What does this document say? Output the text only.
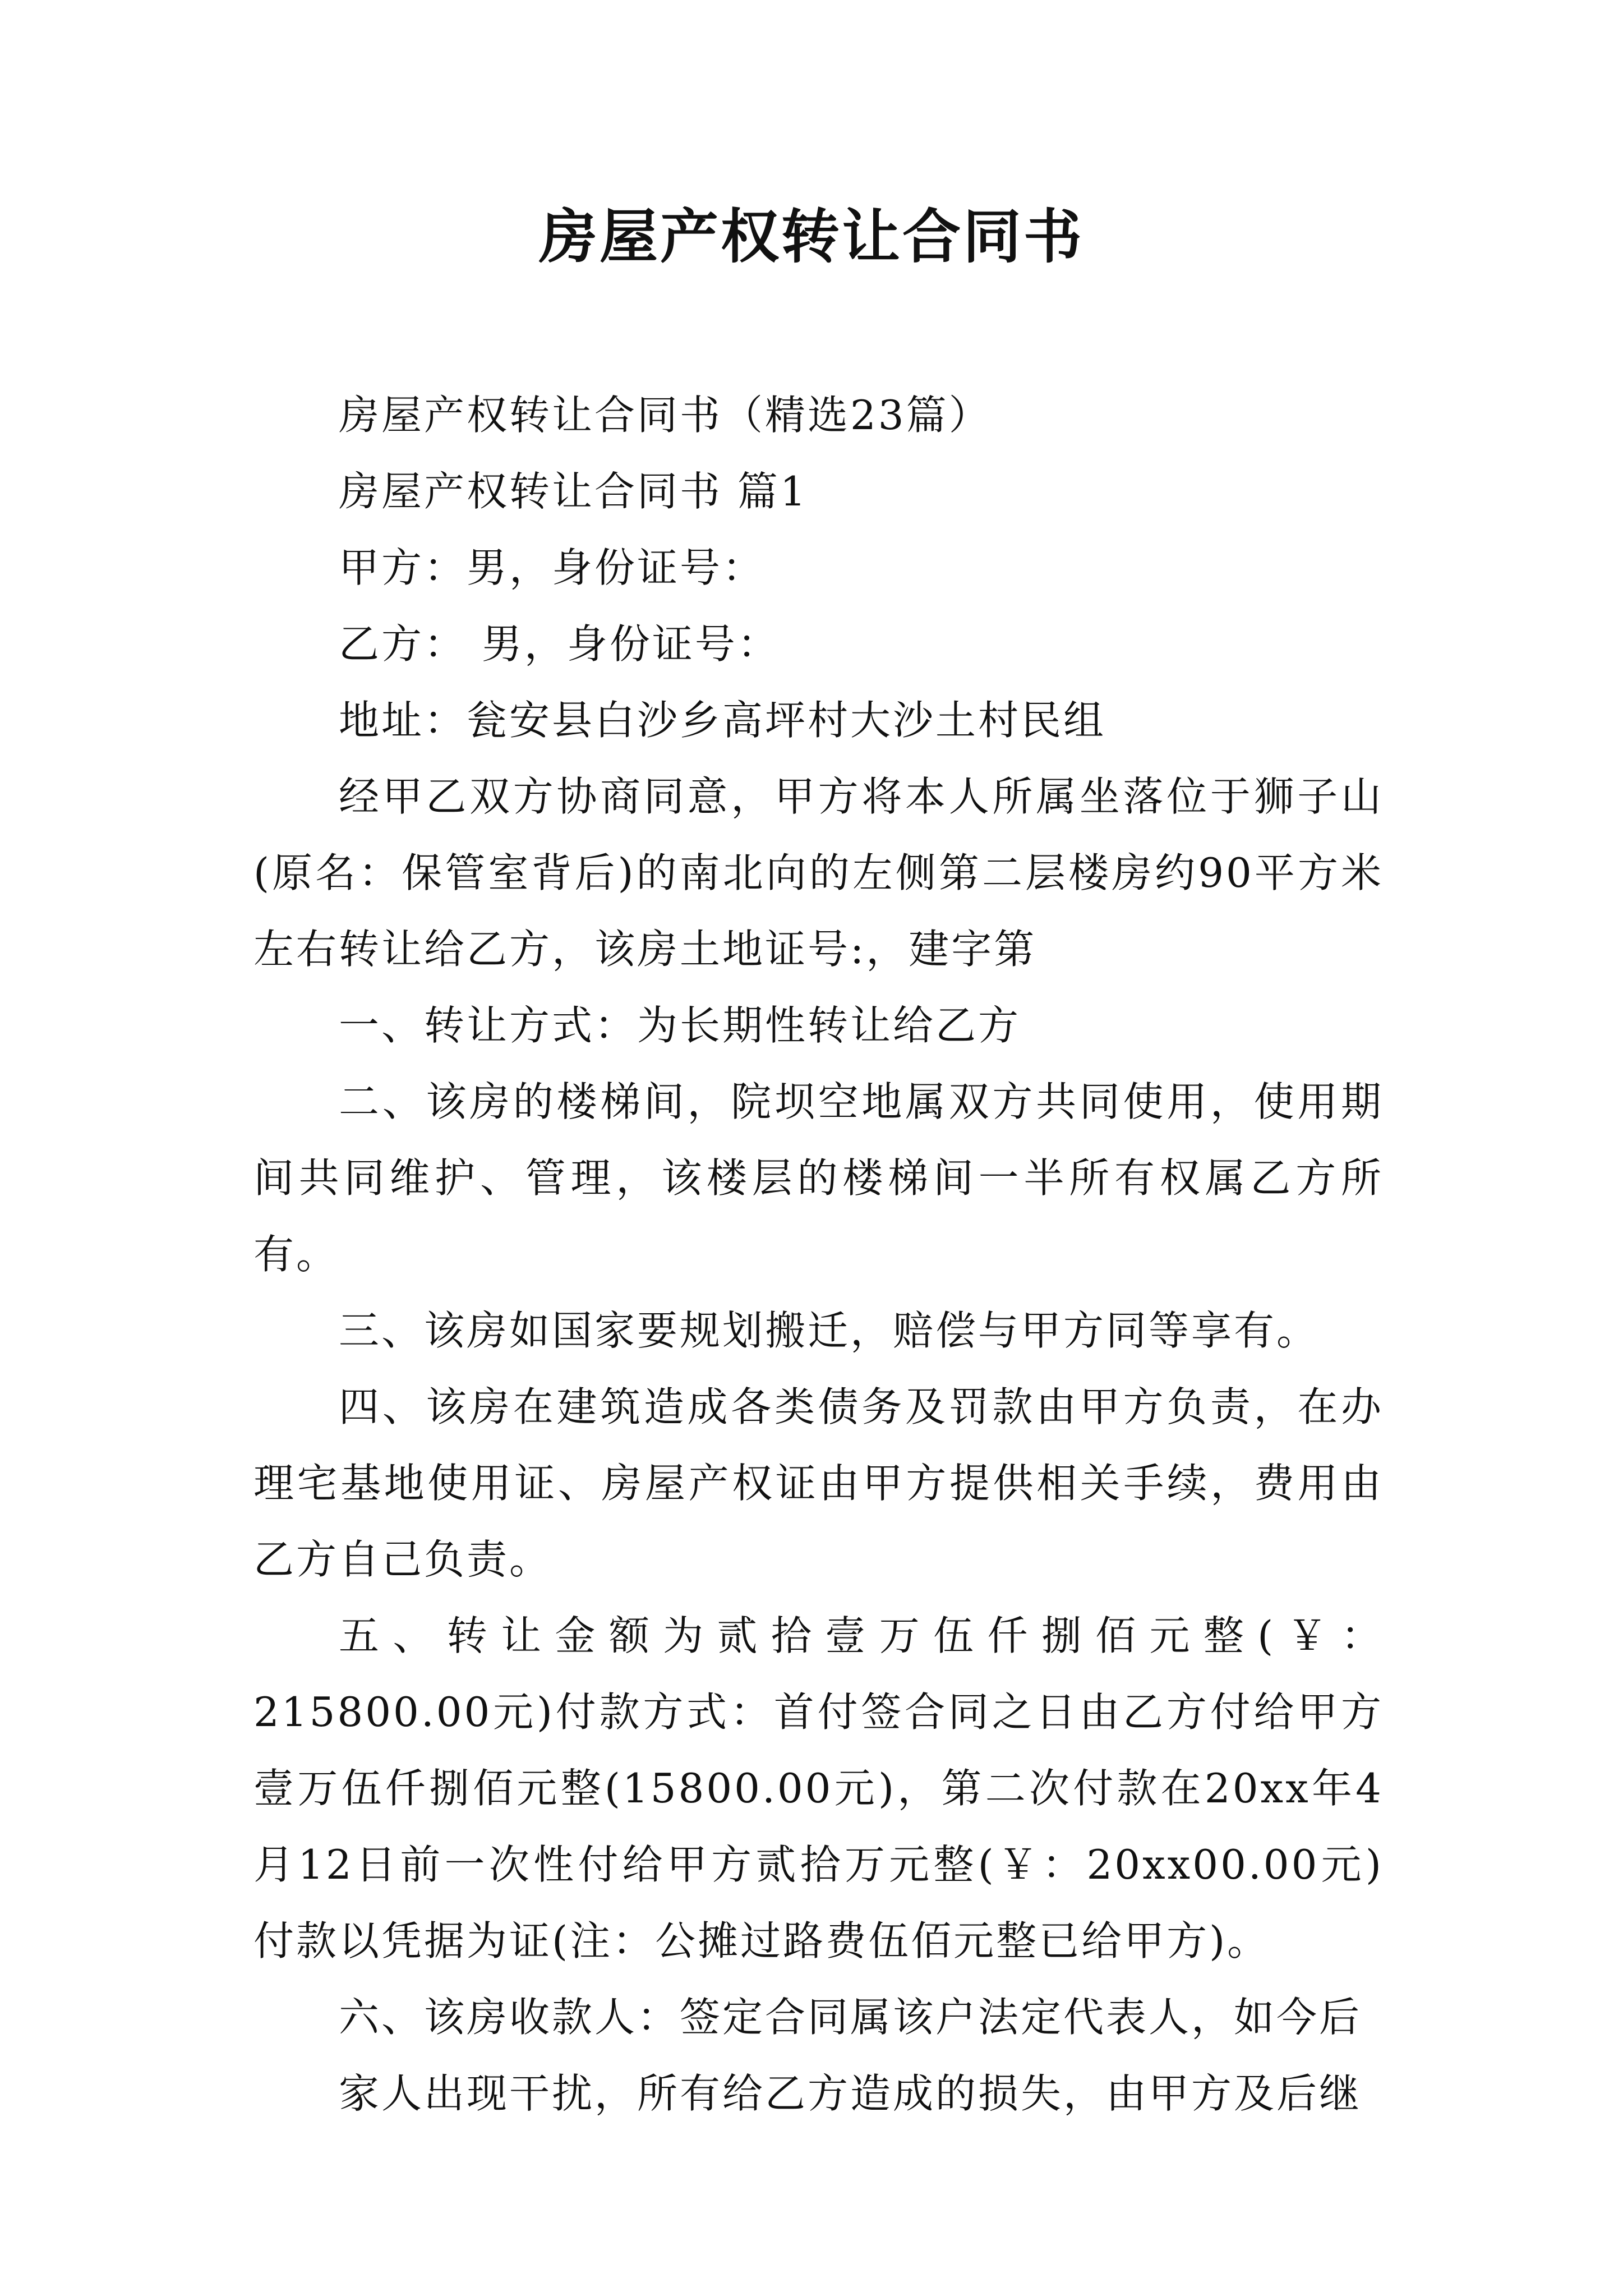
房屋产权转让合同书

房屋产权转让合同书（精选23篇）

房屋产权转让合同书 篇1

甲方：男，身份证号：

乙方： 男，身份证号：

地址：瓮安县白沙乡高坪村大沙土村民组

经甲乙双方协商同意，甲方将本人所属坐落位于狮子山(原名：保管室背后)的南北向的左侧第二层楼房约90平方米左右转让给乙方，该房土地证号:，建字第

一、转让方式：为长期性转让给乙方

二、该房的楼梯间，院坝空地属双方共同使用，使用期间共同维护、管理，该楼层的楼梯间一半所有权属乙方所有。

三、该房如国家要规划搬迁，赔偿与甲方同等享有。

四、该房在建筑造成各类债务及罚款由甲方负责，在办理宅基地使用证、房屋产权证由甲方提供相关手续，费用由乙方自己负责。

五、转让金额为贰拾壹万伍仟捌佰元整(￥：215800.00元)付款方式：首付签合同之日由乙方付给甲方壹万伍仟捌佰元整(15800.00元)，第二次付款在20xx年4月12日前一次性付给甲方贰拾万元整(￥：20xx00.00元)付款以凭据为证(注：公摊过路费伍佰元整已给甲方)。

六、该房收款人：签定合同属该户法定代表人，如今后

家人出现干扰，所有给乙方造成的损失，由甲方及后继
